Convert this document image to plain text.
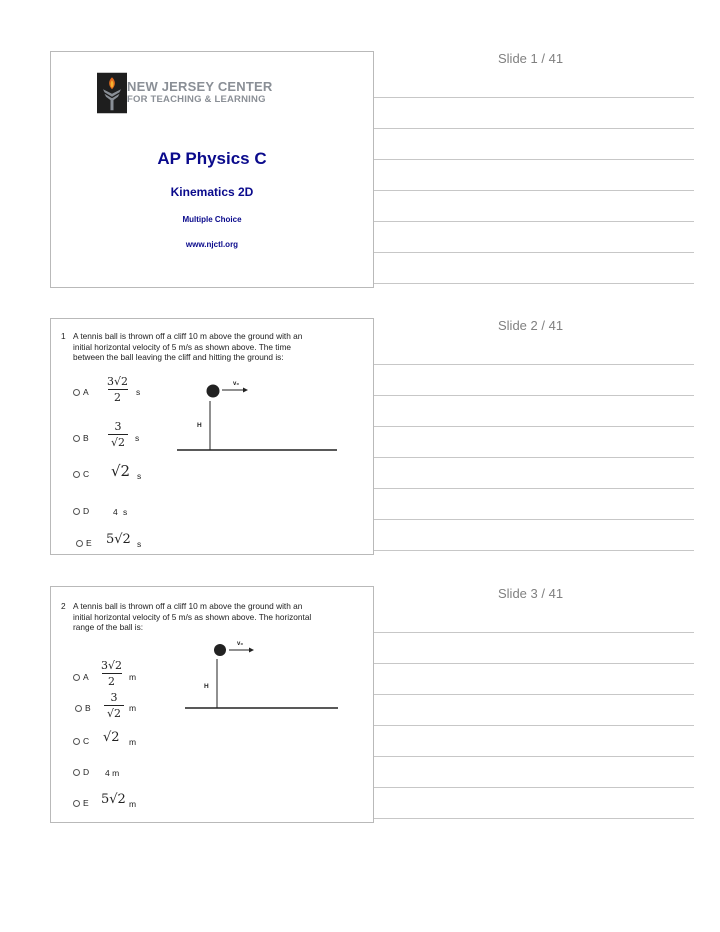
Slide 1 / 41
NEW JERSEY CENTER
FOR TEACHING & LEARNING
AP Physics C
Kinematics 2D
Multiple Choice
www.njctl.org
Slide 2 / 41
1 A tennis ball is thrown off a cliff 10 m above the ground with an
initial horizontal velocity of 5 m/s as shown above. The time
between the ball leaving the cliff and hitting the ground is:
A
3√2
2 s
B
3
√2 s
C √2 s
D	4 s
E 5√2 s
v₀
H
Slide 3 / 41
2 A tennis ball is thrown off a cliff 10 m above the ground with an
initial horizontal velocity of 5 m/s as shown above. The horizontal
range of the ball is:
A
3√2
2 m
B
3
√2 m
C √2 m
D 4 m
E 5√2 m
v₀
H
